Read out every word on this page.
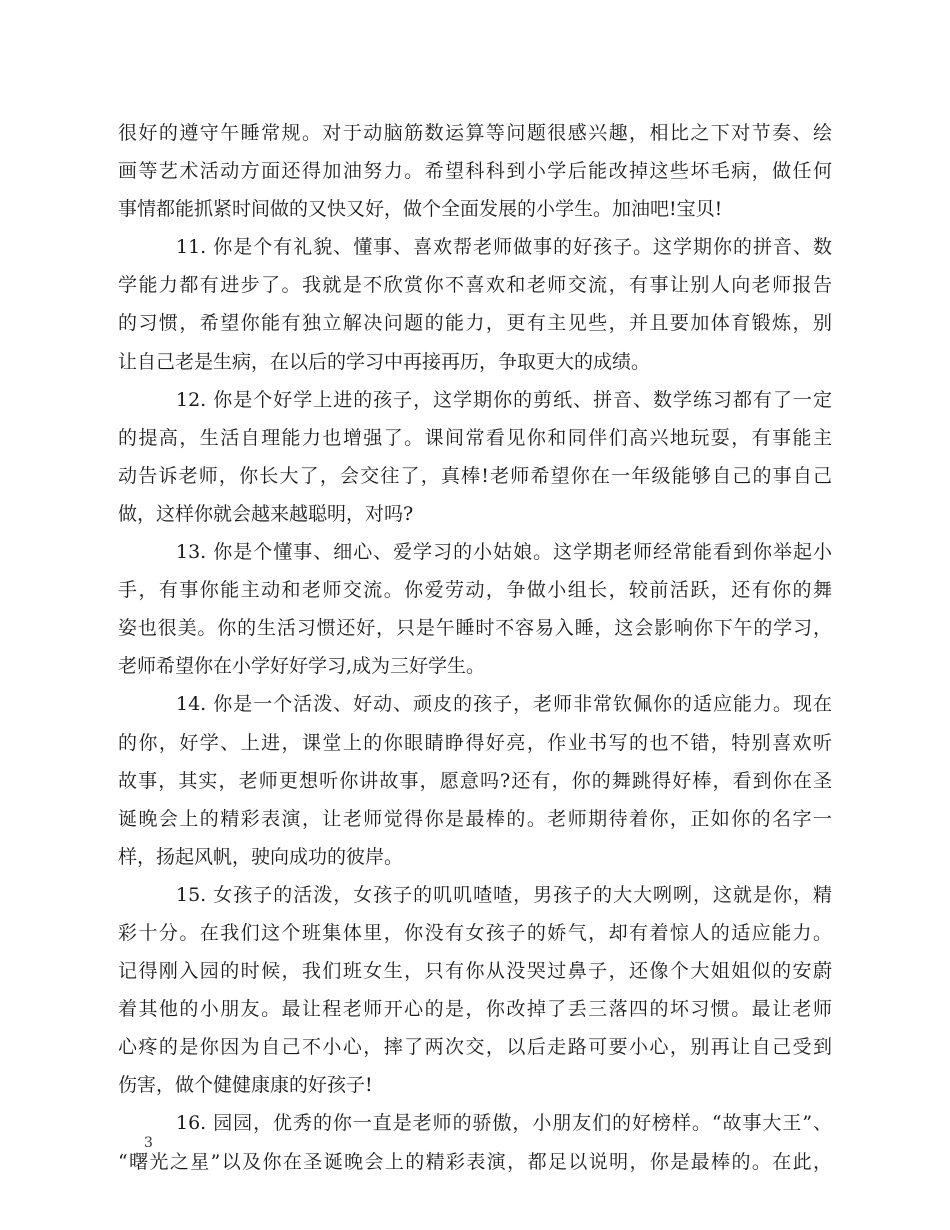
很好的遵守午睡常规。对于动脑筋数运算等问题很感兴趣，相比之下对节奏、绘
画等艺术活动方面还得加油努力。希望科科到小学后能改掉这些坏毛病，做任何
事情都能抓紧时间做的又快又好，做个全面发展的小学生。加油吧!宝贝!
11. 你是个有礼貌、懂事、喜欢帮老师做事的好孩子。这学期你的拼音、数
学能力都有进步了。我就是不欣赏你不喜欢和老师交流，有事让别人向老师报告
的习惯，希望你能有独立解决问题的能力，更有主见些，并且要加体育锻炼，别
让自己老是生病，在以后的学习中再接再历，争取更大的成绩。
12. 你是个好学上进的孩子，这学期你的剪纸、拼音、数学练习都有了一定
的提高，生活自理能力也增强了。课间常看见你和同伴们高兴地玩耍，有事能主
动告诉老师，你长大了，会交往了，真棒!老师希望你在一年级能够自己的事自己
做，这样你就会越来越聪明，对吗?
13. 你是个懂事、细心、爱学习的小姑娘。这学期老师经常能看到你举起小
手，有事你能主动和老师交流。你爱劳动，争做小组长，较前活跃，还有你的舞
姿也很美。你的生活习惯还好，只是午睡时不容易入睡，这会影响你下午的学习，
老师希望你在小学好好学习,成为三好学生。
14. 你是一个活泼、好动、顽皮的孩子，老师非常钦佩你的适应能力。现在
的你，好学、上进，课堂上的你眼睛睁得好亮，作业书写的也不错，特别喜欢听
故事，其实，老师更想听你讲故事，愿意吗?还有，你的舞跳得好棒，看到你在圣
诞晚会上的精彩表演，让老师觉得你是最棒的。老师期待着你，正如你的名字一
样，扬起风帆，驶向成功的彼岸。
15. 女孩子的活泼，女孩子的叽叽喳喳，男孩子的大大咧咧，这就是你，精
彩十分。在我们这个班集体里，你没有女孩子的娇气，却有着惊人的适应能力。
记得刚入园的时候，我们班女生，只有你从没哭过鼻子，还像个大姐姐似的安蔚
着其他的小朋友。最让程老师开心的是，你改掉了丢三落四的坏习惯。最让老师
心疼的是你因为自己不小心，摔了两次交，以后走路可要小心，别再让自己受到
伤害，做个健健康康的好孩子!
16. 园园，优秀的你一直是老师的骄傲，小朋友们的好榜样。“故事大王”、
“曙光之星”以及你在圣诞晚会上的精彩表演，都足以说明，你是最棒的。在此，
3
